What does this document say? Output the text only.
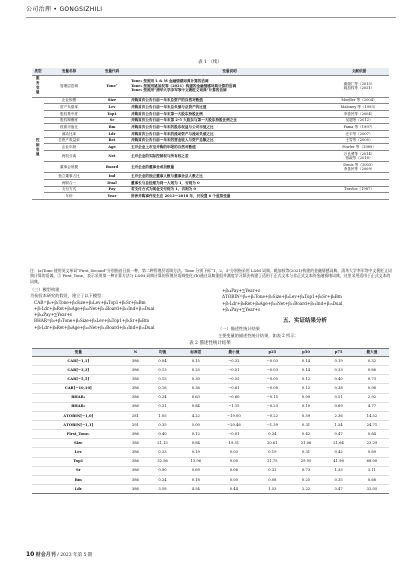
公司治理 • GONGSIZHILI
表 1 （续）
类型	变量名称	变量代码	变量说明	文献依据
服务变量	管理层语调	Tone⁺	Tone₁ 按照用 L & M 金融情感词典计算的语调
Tone₂ 按照用姚加权等（2021）构建的金融情感词典计算的语调
Tone₃ 按照用“清华大学李军等中文褒贬义词典”计算的语调	谢德仁等（2015）
姚加权等（2021）
控制变量	企业规模	Size	并购首次公告日前一年末总资产的自然对数值	Moeller 等（2004）
	资产负债率	Lev	并购首次公告日前一年末总负债与总资产的比值	Maloney 等（1993）
	股权集中度	Top1	并购首次公告日前一年末第一大股东持股比例	李善民等（2004）
	股权制衡度	Sr	并购首次公告日前一年末第 2-5 大股东与第一大股东持股比例之比	吴超等（2012）
	账面市值比	Bm	并购首次公告日前一年末的股东权益与公司市值之比	Fama 等（1997）
	流动比率	Ldr	并购首次公告日前一年末的流动资产与流动负债之比	汪平等（2007）
	总资产收益率	Ret	并购首次公告日前一年末的营业收入与资产总额之比	王雪等（2005）
	企业年龄	Age	主并企业上市至并购的年限的自然对数值	Fowler 等（1989）
	两权分离	Net	主并企业的实际控制权与所有权之差	万良勇等（2014）
蒋淑等（2018）
	董事会规模	Board	主并企业的董事会成员数量	Denis 等（2003）
李善民等（2009）
	独立董事占比	Ind	主并企业的独立董事人数与董事会总人数之比	
	两职合一	Dual	董事长与总经理为同一人则为 1，否则为 0	
	支付方式	Pay	若支付方式为现金支付则为 1，否则为 0	Travlos（1987）
	年份	Year	所涉并购事件发生在 2013—2018 年，共设置 6 个虚拟变量	
注：(a)Tone 使用英文单词“First_Second”分别指首日前一种，第二种管理层语调方法。Tone 分别下标“1、2、3”分别指采用 L&M 词典、姚加权等(2021)构建的金融情感词典、清华大学李军等中文褒贬义词典计算的语调。② First_Tone，表示采用第一种计算方法与 L&M 词典计算的管理层语调变化;(b)通过词典重组并测度学习算法构建了适用于正式文本与非正式文本的金融情绪词典，这里采用适用于正式文本的词典。
（三）模型构建
为检验本研究的假设，建立了以下模型：
CAR=β₀+β₁Tone+β₂Size+β₃Lev+β₄Top1+β₅Sr+β₆Bm
+β₇Ldr+β₈Ret+β₉Age+β₁₀Net+β₁₁Board+β₁₂Ind+β₁₃Dual
+β₁₄Pay+∑Year+ε
BHAR=β₀+β₁Tone+β₂Size+β₃Lev+β₄Top1+β₅Sr+β₆Bm
+β₇Ldr+β₈Ret+β₉Age+β₁₀Net+β₁₁Board+β₁₂Ind+β₁₃Dual
+β₁₄Pay+∑Year+ε
ΔTOBIN=β₀+β₁Tone+β₂Size+β₃Lev+β₄Top1+β₅Sr+β₆Bm
+β₇Ldr+β₈Ret+β₉Age+β₁₀Net+β₁₁Board+β₁₂Ind+β₁₃Dual
+β₁₄Pay+∑Year+ε
五、实证结果分析
（一）描述性统计结果
主要变量的描述性统计结果，如表 2 所示：
表 2 描述性统计结果
变量	N	均值	标准差	最小值	p25	p50	p75	最大值
CAR[−1,1]	386	0.04	0.15	−0.32	−0.03	0.14	0.19	0.32
CAR[−3,3]	386	0.13	0.25	−0.51	−0.03	0.14	0.33	0.66
CAR[−5,5]	386	0.15	0.30	−0.55	−0.05	0.12	0.40	0.73
CAR[−10,10]	386	0.16	0.36	−0.61	−0.08	0.12	0.38	0.96
BHAR₁	386	0.24	0.63	−0.60	−0.15	0.09	0.51	2.92
BHAR₂	386	0.31	0.84	−1.15	−0.23	0.10	0.69	4.77
ΔTOBIN[−1,0]	281	1.05	4.22	−19.00	−0.22	0.59	2.36	14.52
ΔTOBIN[−1,1]	291	0.35	5.00	−20.46	−1.39	0.31	1.54	24.71
First_Tone₁	386	0.40	0.12	−0.01	0.34	0.42	0.47	0.64
Size	386	21.15	0.84	19.51	20.61	21.06	21.64	23.29
Lev	386	0.33	0.19	0.03	0.19	0.31	0.42	0.89
Top1	386	32.56	13.96	9.00	21.75	29.95	41.98	68.00
Sr	386	0.90	0.69	0.06	0.32	0.73	1.35	3.11
Bm	386	0.24	0.18	0.00	0.08	0.25	0.35	0.68
Ldr	386	3.58	4.54	0.44	1.53	2.22	3.47	32.05
10 财会月刊 / 2023 年第 5 期
